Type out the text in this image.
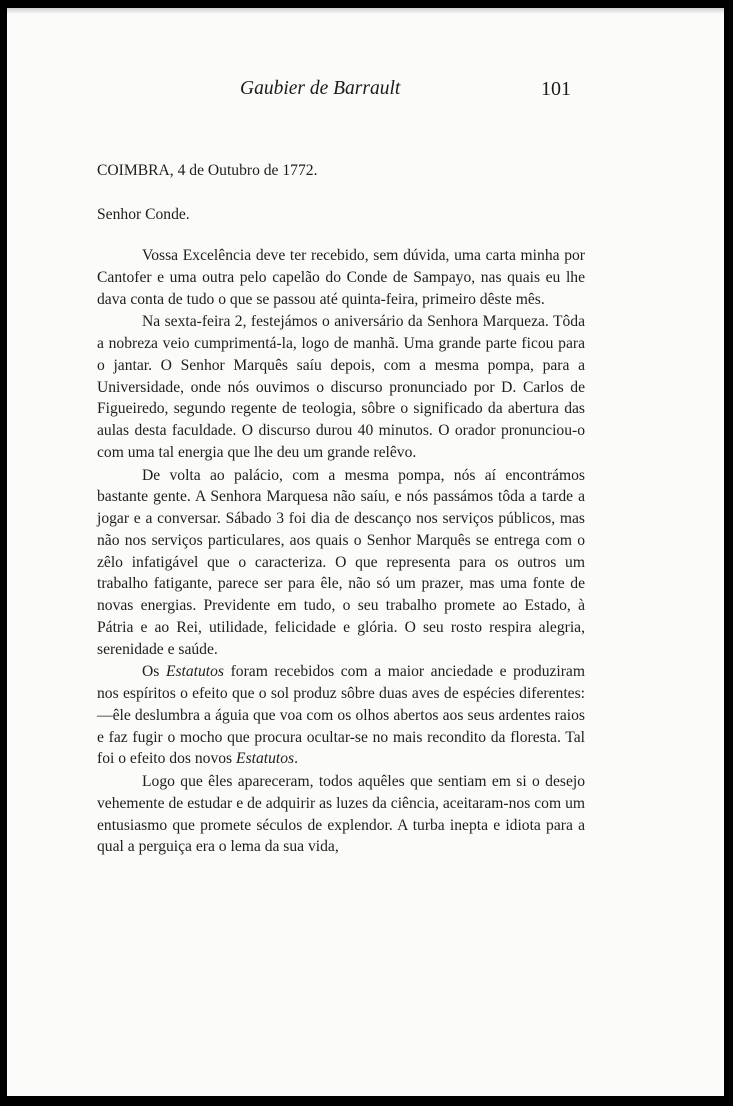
Gaubier de Barrault	101
COIMBRA, 4 de Outubro de 1772.
Senhor Conde.

Vossa Excelência deve ter recebido, sem dúvida, uma carta minha por Cantofer e uma outra pelo capelão do Conde de Sampayo, nas quais eu lhe dava conta de tudo o que se passou até quinta-feira, primeiro dêste mês.

Na sexta-feira 2, festejámos o aniversário da Senhora Marqueza. Tôda a nobreza veio cumprimentá-la, logo de manhã. Uma grande parte ficou para o jantar. O Senhor Marquês saíu depois, com a mesma pompa, para a Universidade, onde nós ouvimos o discurso pronunciado por D. Carlos de Figueiredo, segundo regente de teologia, sôbre o significado da abertura das aulas desta faculdade. O discurso durou 40 minutos. O orador pronunciou-o com uma tal energia que lhe deu um grande relêvo.

De volta ao palácio, com a mesma pompa, nós aí encontrámos bastante gente. A Senhora Marquesa não saíu, e nós passámos tôda a tarde a jogar e a conversar. Sábado 3 foi dia de descanço nos serviços públicos, mas não nos serviços particulares, aos quais o Senhor Marquês se entrega com o zêlo infatigável que o caracteriza. O que representa para os outros um trabalho fatigante, parece ser para êle, não só um prazer, mas uma fonte de novas energias. Previdente em tudo, o seu trabalho promete ao Estado, à Pátria e ao Rei, utilidade, felicidade e glória. O seu rosto respira alegria, serenidade e saúde.

Os Estatutos foram recebidos com a maior anciedade e produziram nos espíritos o efeito que o sol produz sôbre duas aves de espécies diferentes:—êle deslumbra a águia que voa com os olhos abertos aos seus ardentes raios e faz fugir o mocho que procura ocultar-se no mais recondito da floresta. Tal foi o efeito dos novos Estatutos.

Logo que êles apareceram, todos aquêles que sentiam em si o desejo vehemente de estudar e de adquirir as luzes da ciência, aceitaram-nos com um entusiasmo que promete séculos de explendor. A turba inepta e idiota para a qual a perguiça era o lema da sua vida,
